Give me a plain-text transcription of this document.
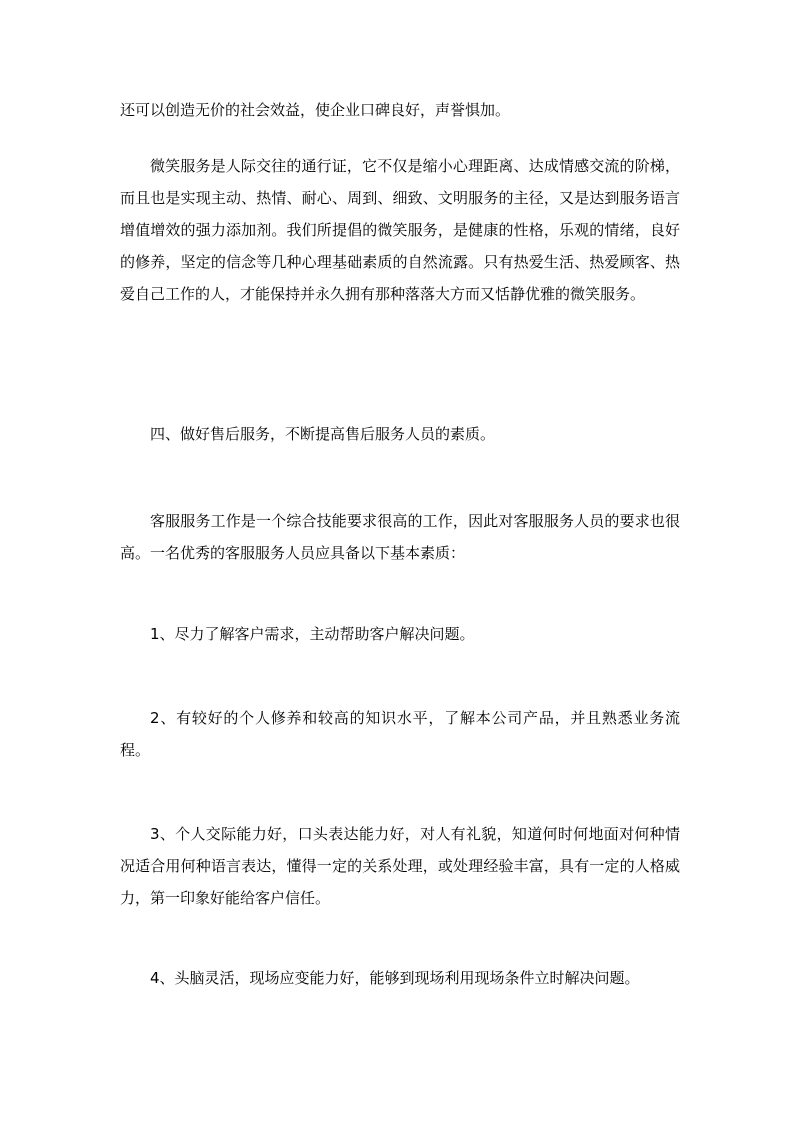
还可以创造无价的社会效益，使企业口碑良好，声誉惧加。

微笑服务是人际交往的通行证，它不仅是缩小心理距离、达成情感交流的阶梯，而且也是实现主动、热情、耐心、周到、细致、文明服务的主径，又是达到服务语言增值增效的强力添加剂。我们所提倡的微笑服务，是健康的性格，乐观的情绪，良好的修养，坚定的信念等几种心理基础素质的自然流露。只有热爱生活、热爱顾客、热爱自己工作的人，才能保持并永久拥有那种落落大方而又恬静优雅的微笑服务。

四、做好售后服务，不断提高售后服务人员的素质。

客服服务工作是一个综合技能要求很高的工作，因此对客服服务人员的要求也很高。一名优秀的客服服务人员应具备以下基本素质：

1、尽力了解客户需求，主动帮助客户解决问题。

2、有较好的个人修养和较高的知识水平，了解本公司产品，并且熟悉业务流程。

3、个人交际能力好，口头表达能力好，对人有礼貌，知道何时何地面对何种情况适合用何种语言表达，懂得一定的关系处理，或处理经验丰富，具有一定的人格威力，第一印象好能给客户信任。

4、头脑灵活，现场应变能力好，能够到现场利用现场条件立时解决问题。
